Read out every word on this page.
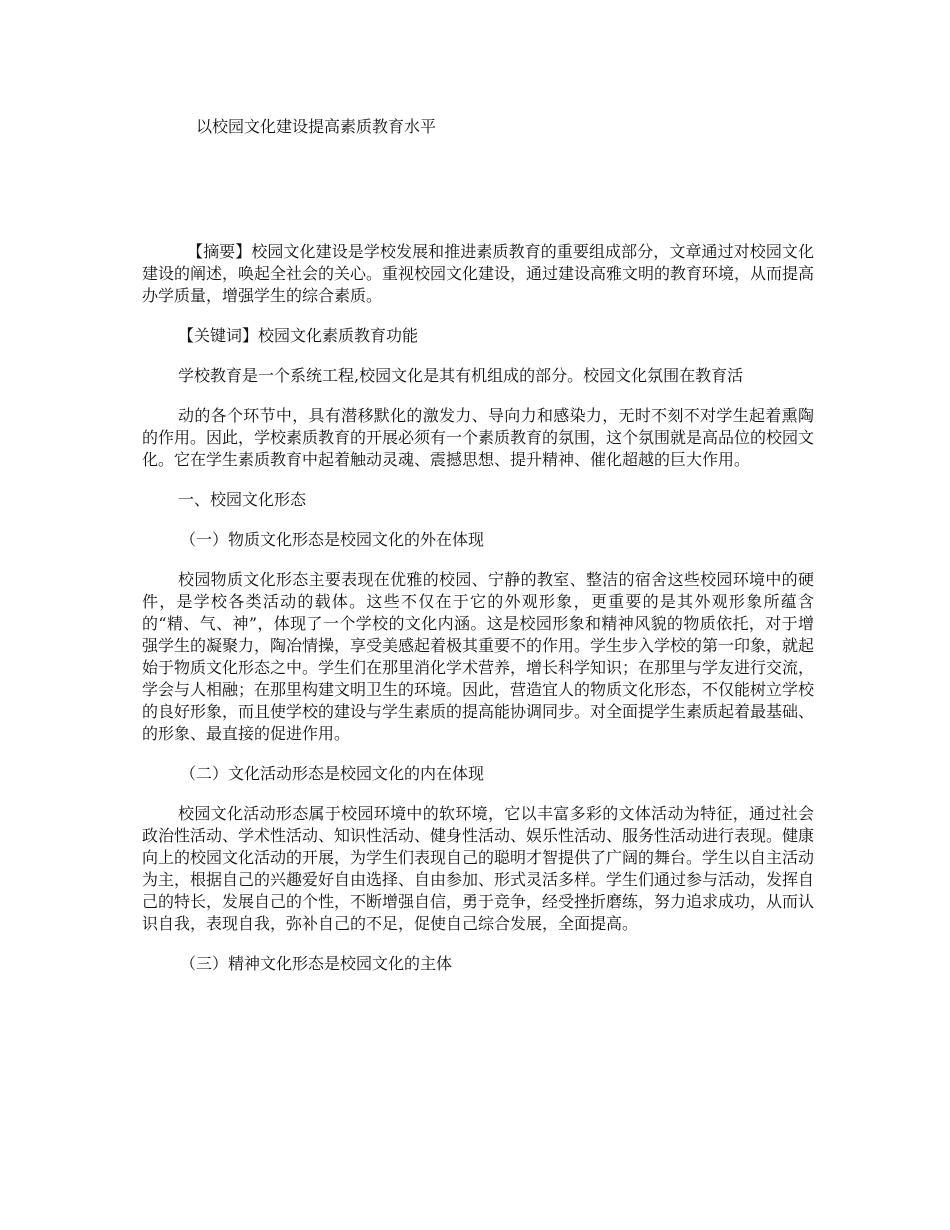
以校园文化建设提高素质教育水平

【摘要】校园文化建设是学校发展和推进素质教育的重要组成部分，文章通过对校园文化建设的阐述，唤起全社会的关心。重视校园文化建设，通过建设高雅文明的教育环境，从而提高办学质量，增强学生的综合素质。

【关键词】校园文化素质教育功能

学校教育是一个系统工程,校园文化是其有机组成的部分。校园文化氛围在教育活

动的各个环节中，具有潜移默化的激发力、导向力和感染力，无时不刻不对学生起着熏陶的作用。因此，学校素质教育的开展必须有一个素质教育的氛围，这个氛围就是高品位的校园文化。它在学生素质教育中起着触动灵魂、震撼思想、提升精神、催化超越的巨大作用。

一、校园文化形态

（一）物质文化形态是校园文化的外在体现

校园物质文化形态主要表现在优雅的校园、宁静的教室、整洁的宿舍这些校园环境中的硬件，是学校各类活动的载体。这些不仅在于它的外观形象，更重要的是其外观形象所蕴含的“精、气、神”，体现了一个学校的文化内涵。这是校园形象和精神风貌的物质依托，对于增强学生的凝聚力，陶冶情操，享受美感起着极其重要不的作用。学生步入学校的第一印象，就起始于物质文化形态之中。学生们在那里消化学术营养，增长科学知识；在那里与学友进行交流，学会与人相融；在那里构建文明卫生的环境。因此，营造宜人的物质文化形态，不仅能树立学校的良好形象，而且使学校的建设与学生素质的提高能协调同步。对全面提学生素质起着最基础、的形象、最直接的促进作用。

（二）文化活动形态是校园文化的内在体现

校园文化活动形态属于校园环境中的软环境，它以丰富多彩的文体活动为特征，通过社会政治性活动、学术性活动、知识性活动、健身性活动、娱乐性活动、服务性活动进行表现。健康向上的校园文化活动的开展，为学生们表现自己的聪明才智提供了广阔的舞台。学生以自主活动为主，根据自己的兴趣爱好自由选择、自由参加、形式灵活多样。学生们通过参与活动，发挥自己的特长，发展自己的个性，不断增强自信，勇于竞争，经受挫折磨练，努力追求成功，从而认识自我，表现自我，弥补自己的不足，促使自己综合发展，全面提高。

（三）精神文化形态是校园文化的主体
